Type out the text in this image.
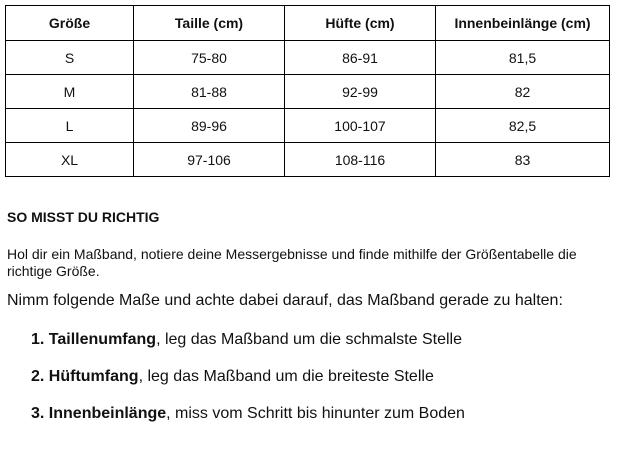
Größe	Taille (cm)	Hüfte (cm)	Innenbeinlänge (cm)
S	75-80	86-91	81,5
M	81-88	92-99	82
L	89-96	100-107	82,5
XL	97-106	108-116	83
SO MISST DU RICHTIG

Hol dir ein Maßband, notiere deine Messergebnisse und finde mithilfe der Größentabelle die richtige Größe.

Nimm folgende Maße und achte dabei darauf, das Maßband gerade zu halten:

1. Taillenumfang, leg das Maßband um die schmalste Stelle
2. Hüftumfang, leg das Maßband um die breiteste Stelle
3. Innenbeinlänge, miss vom Schritt bis hinunter zum Boden
